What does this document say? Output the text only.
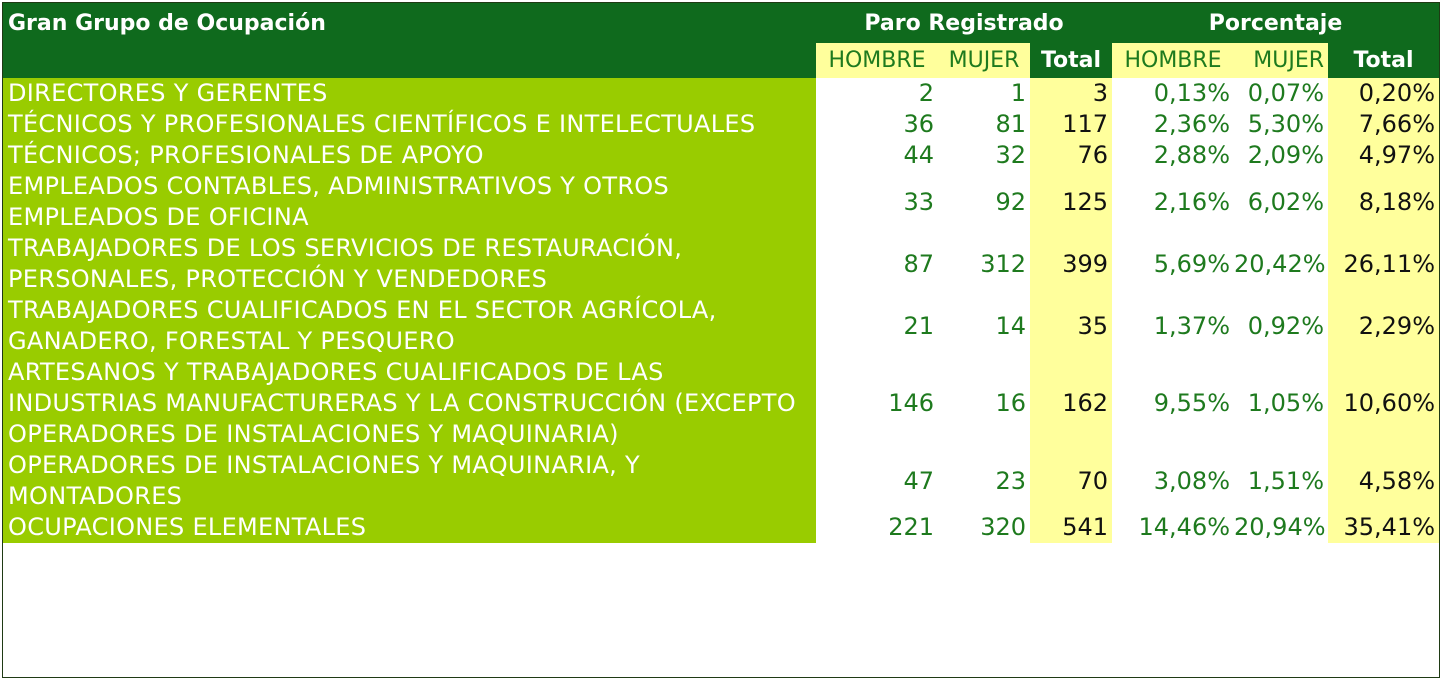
Gran Grupo de Ocupación	Paro Registrado			Porcentaje		
	HOMBRE	MUJER	Total	HOMBRE	MUJER	Total
DIRECTORES Y GERENTES	2	1	3	0,13%	0,07%	0,20%
TÉCNICOS Y PROFESIONALES CIENTÍFICOS E INTELECTUALES	36	81	117	2,36%	5,30%	7,66%
TÉCNICOS; PROFESIONALES DE APOYO	44	32	76	2,88%	2,09%	4,97%
EMPLEADOS CONTABLES, ADMINISTRATIVOS Y OTROS EMPLEADOS DE OFICINA	33	92	125	2,16%	6,02%	8,18%
TRABAJADORES DE LOS SERVICIOS DE RESTAURACIÓN, PERSONALES, PROTECCIÓN Y VENDEDORES	87	312	399	5,69%	20,42%	26,11%
TRABAJADORES CUALIFICADOS EN EL SECTOR AGRÍCOLA, GANADERO, FORESTAL Y PESQUERO	21	14	35	1,37%	0,92%	2,29%
ARTESANOS Y TRABAJADORES CUALIFICADOS DE LAS INDUSTRIAS MANUFACTURERAS Y LA CONSTRUCCIÓN (EXCEPTO OPERADORES DE INSTALACIONES Y MAQUINARIA)	146	16	162	9,55%	1,05%	10,60%
OPERADORES DE INSTALACIONES Y MAQUINARIA, Y MONTADORES	47	23	70	3,08%	1,51%	4,58%
OCUPACIONES ELEMENTALES	221	320	541	14,46%	20,94%	35,41%
